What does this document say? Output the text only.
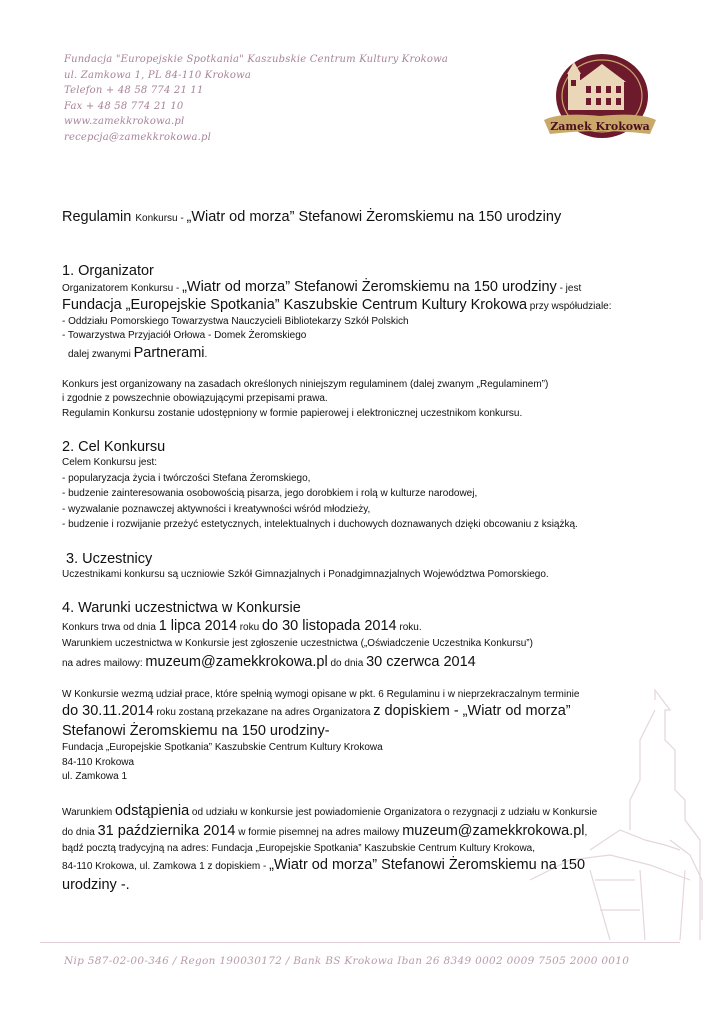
Fundacja "Europejskie Spotkania" Kaszubskie Centrum Kultury Krokowa
ul. Zamkowa 1, PL 84-110 Krokowa
Telefon + 48 58 774 21 11
Fax + 48 58 774 21 10
www.zamekkrokowa.pl
recepcja@zamekkrokowa.pl
Zamek Krokowa

Regulamin Konkursu - „Wiatr od morza” Stefanowi Żeromskiemu na 150 urodziny

1. Organizator

Organizatorem Konkursu - „Wiatr od morza” Stefanowi Żeromskiemu na 150 urodziny - jest

Fundacja „Europejskie Spotkania” Kaszubskie Centrum Kultury Krokowa przy współudziale:

- Oddziału Pomorskiego Towarzystwa Nauczycieli Bibliotekarzy Szkół Polskich

- Towarzystwa Przyjaciół Orłowa - Domek Żeromskiego

dalej zwanymi Partnerami.

Konkurs jest organizowany na zasadach określonych niniejszym regulaminem (dalej zwanym „Regulaminem”)

i zgodnie z powszechnie obowiązującymi przepisami prawa.

Regulamin Konkursu zostanie udostępniony w formie papierowej i elektronicznej uczestnikom konkursu.

2. Cel Konkursu

Celem Konkursu jest:

- popularyzacja życia i twórczości Stefana Żeromskiego,

- budzenie zainteresowania osobowością pisarza, jego dorobkiem i rolą w kulturze narodowej,

- wyzwalanie poznawczej aktywności i kreatywności wśród młodzieży,

- budzenie i rozwijanie przeżyć estetycznych, intelektualnych i duchowych doznawanych dzięki obcowaniu z książką.

3. Uczestnicy

Uczestnikami konkursu są uczniowie Szkół Gimnazjalnych i Ponadgimnazjalnych Województwa Pomorskiego.

4. Warunki uczestnictwa w Konkursie

Konkurs trwa od dnia 1 lipca 2014 roku do 30 listopada 2014 roku.

Warunkiem uczestnictwa w Konkursie jest zgłoszenie uczestnictwa („Oświadczenie Uczestnika Konkursu”)

na adres mailowy: muzeum@zamekkrokowa.pl do dnia 30 czerwca 2014

W Konkursie wezmą udział prace, które spełnią wymogi opisane w pkt. 6 Regulaminu i w nieprzekraczalnym terminie

do 30.11.2014 roku zostaną przekazane na adres Organizatora z dopiskiem - „Wiatr od morza”

Stefanowi Żeromskiemu na 150 urodziny-

Fundacja „Europejskie Spotkania” Kaszubskie Centrum Kultury Krokowa

84-110 Krokowa

ul. Zamkowa 1

Warunkiem odstąpienia od udziału w konkursie jest powiadomienie Organizatora o rezygnacji z udziału w Konkursie

do dnia 31 października 2014 w formie pisemnej na adres mailowy muzeum@zamekkrokowa.pl,

bądź pocztą tradycyjną na adres: Fundacja „Europejskie Spotkania” Kaszubskie Centrum Kultury Krokowa,

84-110 Krokowa, ul. Zamkowa 1 z dopiskiem - „Wiatr od morza” Stefanowi Żeromskiemu na 150

urodziny -.

Nip 587-02-00-346 / Regon 190030172 / Bank BS Krokowa Iban 26 8349 0002 0009 7505 2000 0010
